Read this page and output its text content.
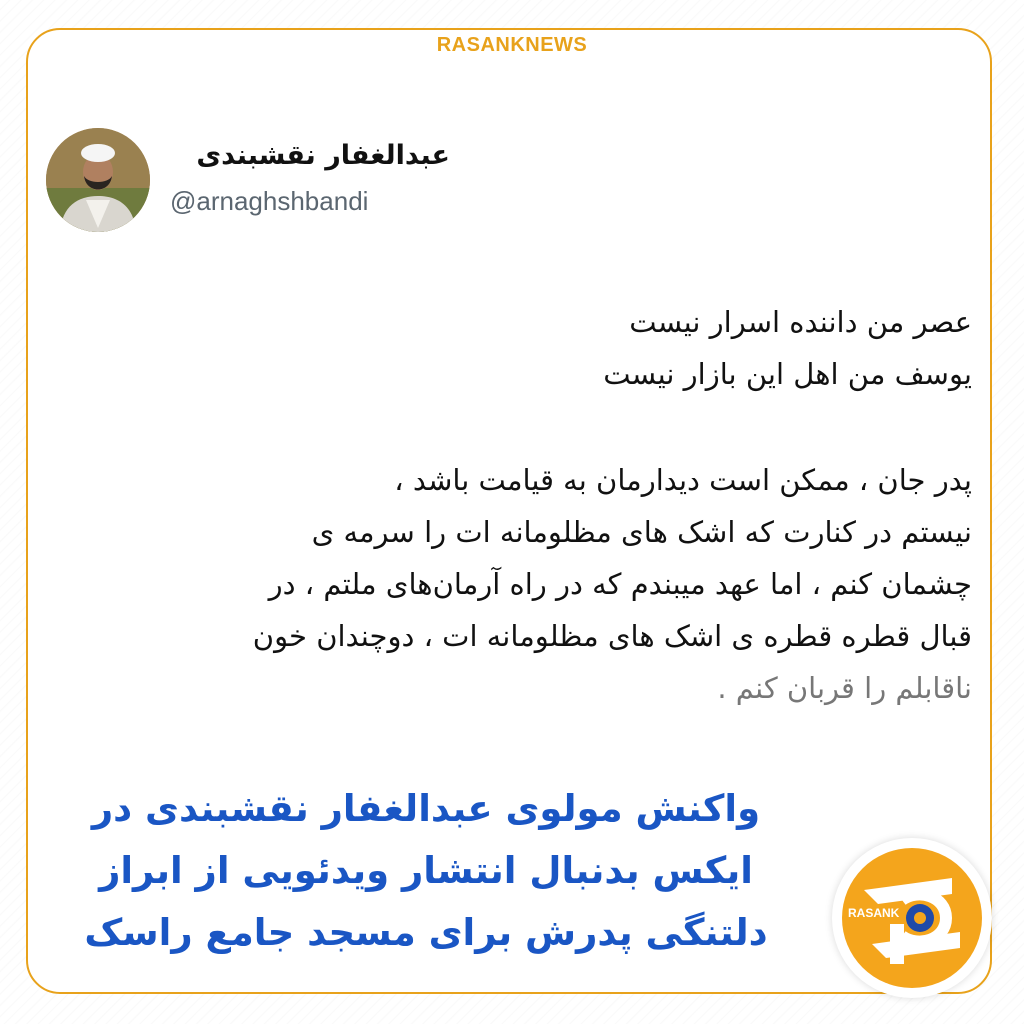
RASANKNEWS
عبدالغفار نقشبندی
@arnaghshbandi

عصر من داننده اسرار نیست

یوسف من اهل این بازار نیست

پدر جان ، ممکن است دیدارمان به قیامت باشد ،

نیستم در کنارت که اشک های مظلومانه ات را سرمه ی

چشمان کنم ، اما عهد میبندم که در راه آرمان‌های ملتم ، در

قبال قطره قطره ی اشک های مظلومانه ات ، دوچندان خون

ناقابلم را قربان کنم .

واکنش مولوی عبدالغفار نقشبندی در
ایکس بدنبال انتشار ویدئویی از ابراز
دلتنگی پدرش برای مسجد جامع راسک	RASANK
